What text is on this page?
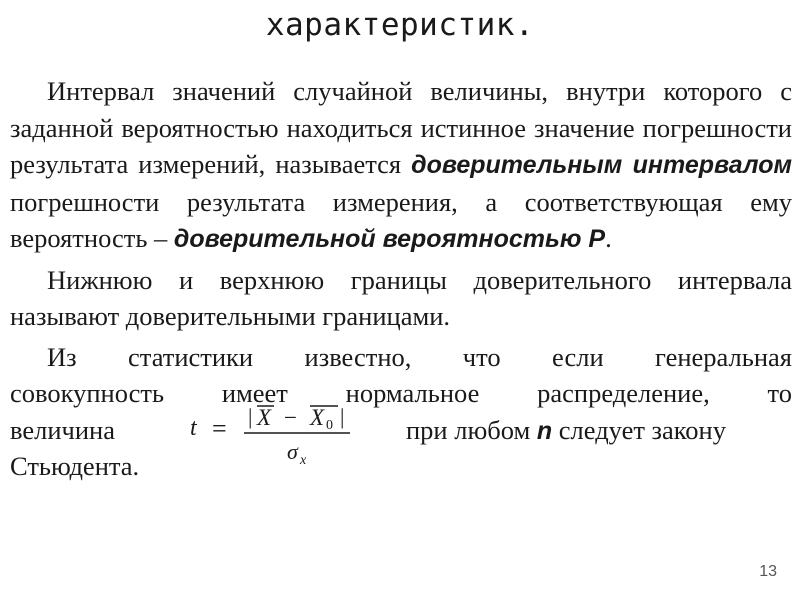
характеристик.

Интервал значений случайной величины, внутри которого с заданной вероятностью находиться истинное значение погрешности результата измерений, называется доверительным интервалом погрешности результата измерения, а соответствующая ему вероятность – доверительной вероятностью Р.

Нижнюю и верхнюю границы доверительного интервала называют доверительными границами.

Из статистики известно, что если генеральная
совокупность имеет нормальное распределение, то
величина	t = | X − X 0 |
σ x
при любом n следует закону
Стьюдента.
13
